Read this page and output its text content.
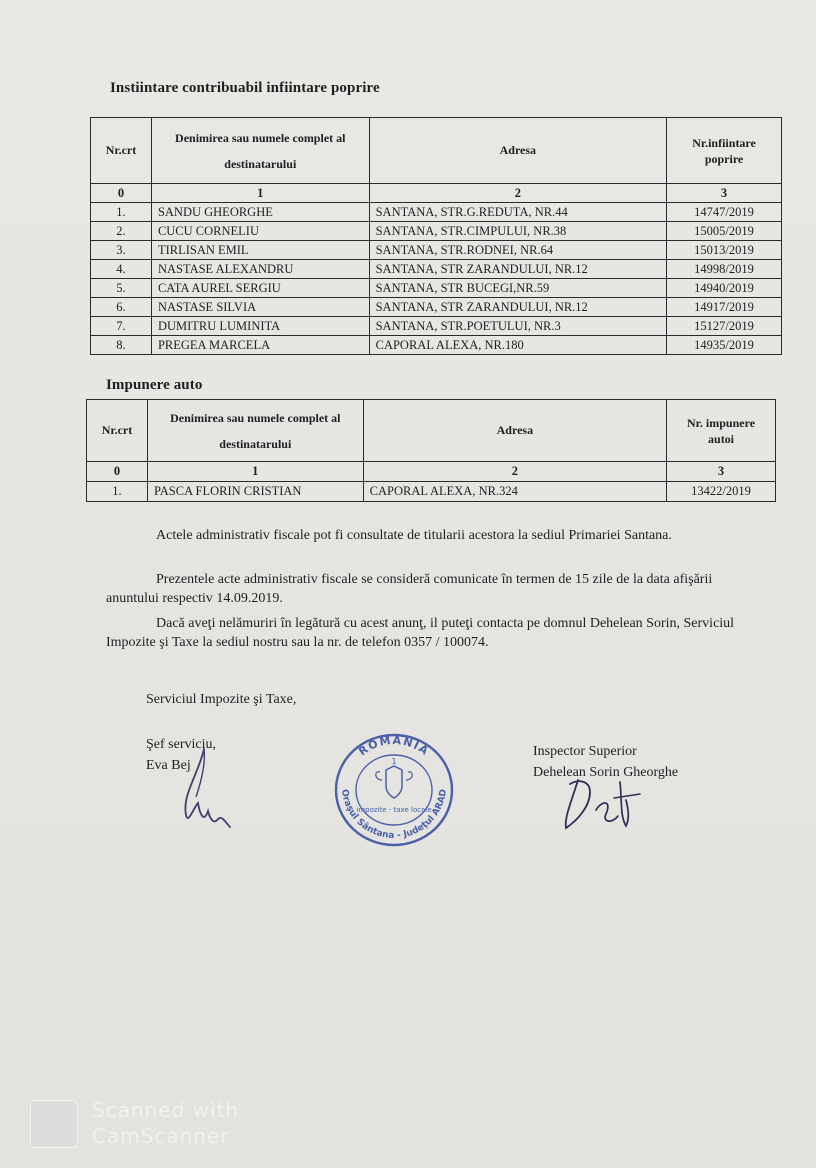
Instiintare contribuabil infiintare poprire
Nr.crt	Denimirea sau numele complet al destinatarului	Adresa	Nr.infiintare poprire
0	1	2	3
1.	SANDU GHEORGHE	SANTANA, STR.G.REDUTA, NR.44	14747/2019
2.	CUCU CORNELIU	SANTANA, STR.CIMPULUI, NR.38	15005/2019
3.	TIRLISAN EMIL	SANTANA, STR.RODNEI, NR.64	15013/2019
4.	NASTASE ALEXANDRU	SANTANA, STR ZARANDULUI, NR.12	14998/2019
5.	CATA AUREL SERGIU	SANTANA, STR BUCEGI,NR.59	14940/2019
6.	NASTASE SILVIA	SANTANA, STR ZARANDULUI, NR.12	14917/2019
7.	DUMITRU LUMINITA	SANTANA, STR.POETULUI, NR.3	15127/2019
8.	PREGEA MARCELA	CAPORAL ALEXA, NR.180	14935/2019
Impunere auto
Nr.crt	Denimirea sau numele complet al destinatarului	Adresa	Nr. impunere autoi
0	1	2	3
1.	PASCA FLORIN CRISTIAN	CAPORAL ALEXA, NR.324	13422/2019
Actele administrativ fiscale pot fi consultate de titularii acestora la sediul Primariei Santana.
Prezentele acte administrativ fiscale se consideră comunicate în termen de 15 zile de la data afişării anuntului respectiv 14.09.2019.
Dacă aveţi nelămuriri în legătură cu acest anunţ, il puteţi contacta pe domnul Dehelean Sorin, Serviciul Impozite şi Taxe la sediul nostru sau la nr. de telefon 0357 / 100074.
Serviciul Impozite şi Taxe,
Şef serviciu,
Eva Bej
Inspector Superior
Dehelean Sorin Gheorghe
ROMÂNIA
Oraşul Sântana - Judeţul ARAD
1
impozite - taxe locale
Scanned with
CamScanner
